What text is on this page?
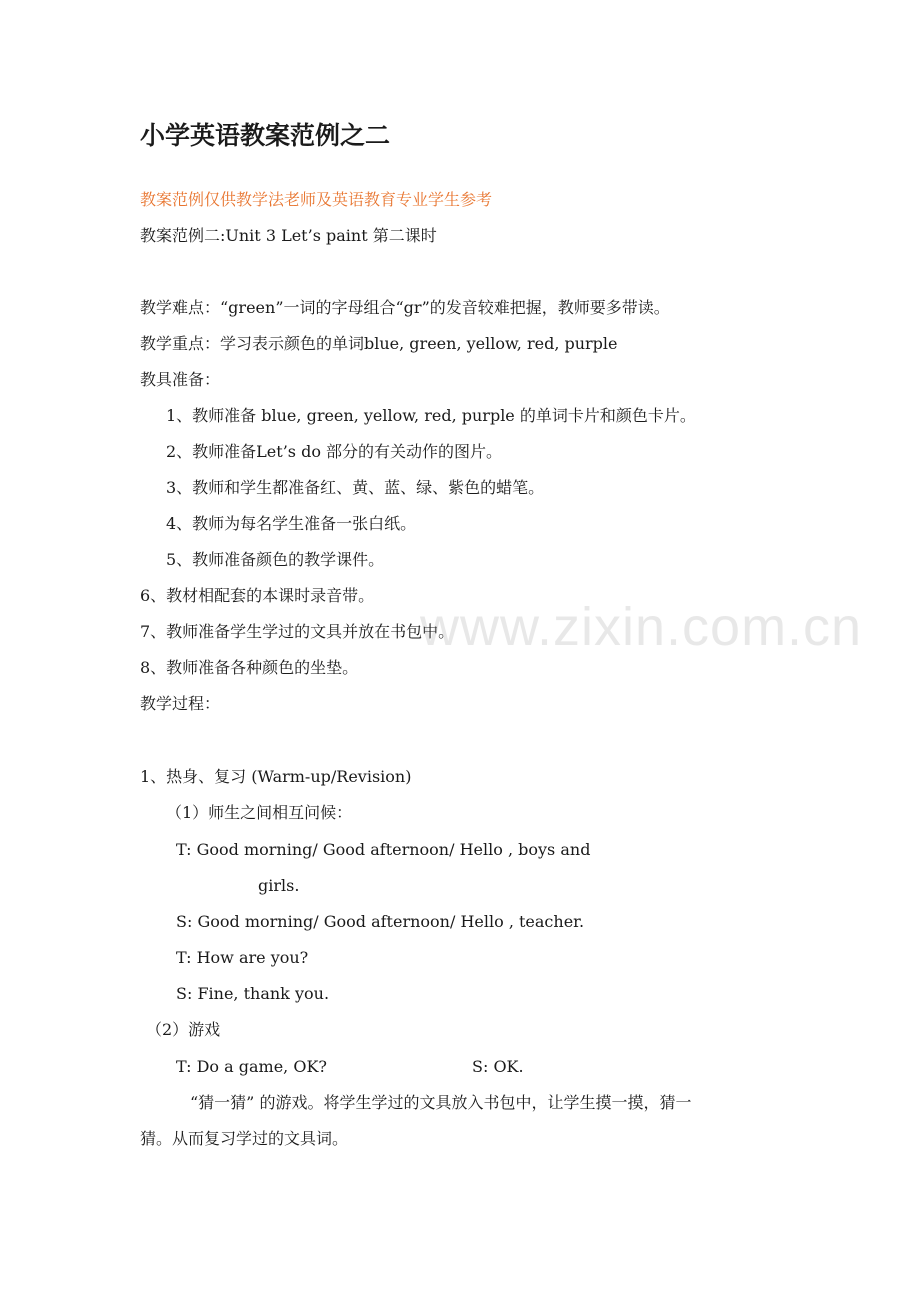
小学英语教案范例之二
教案范例仅供教学法老师及英语教育专业学生参考
教案范例二:Unit 3 Let’s paint 第二课时
教学难点：“green”一词的字母组合“gr”的发音较难把握，教师要多带读。
教学重点：学习表示颜色的单词blue, green, yellow, red, purple
教具准备：
1、教师准备 blue, green, yellow, red, purple 的单词卡片和颜色卡片。
2、教师准备Let’s do 部分的有关动作的图片。
3、教师和学生都准备红、黄、蓝、绿、紫色的蜡笔。
4、教师为每名学生准备一张白纸。
5、教师准备颜色的教学课件。
6、教材相配套的本课时录音带。
7、教师准备学生学过的文具并放在书包中。
8、教师准备各种颜色的坐垫。
教学过程：
1、热身、复习 (Warm-up/Revision)
（1）师生之间相互问候：
T: Good morning/ Good afternoon/ Hello , boys and
girls.
S: Good morning/ Good afternoon/ Hello , teacher.
T: How are you?
S: Fine, thank you.
（2）游戏
T: Do a game, OK?	S: OK.
“猜一猜” 的游戏。将学生学过的文具放入书包中，让学生摸一摸，猜一
猜。从而复习学过的文具词。
www.zixin.com.cn
